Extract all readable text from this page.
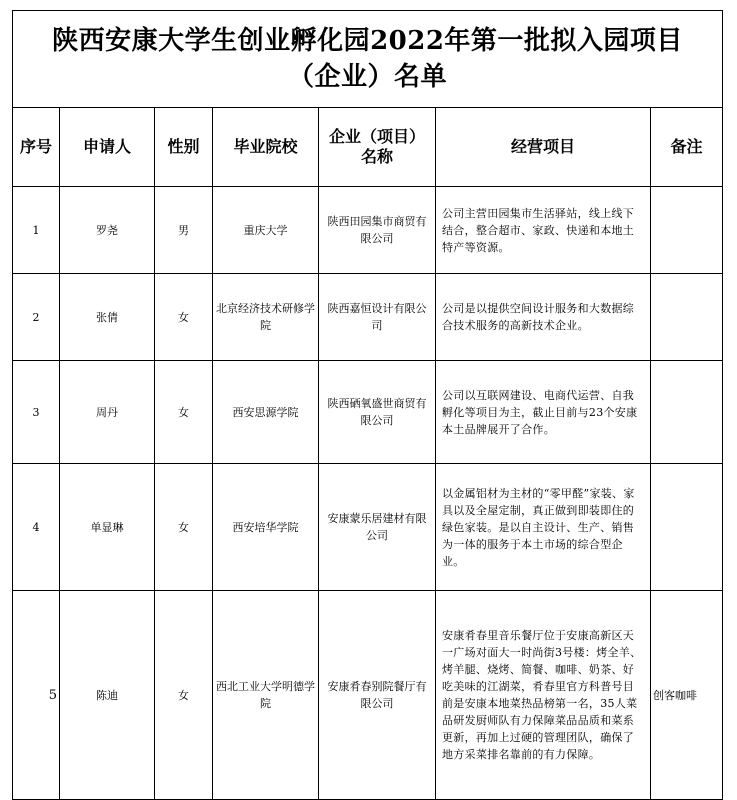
陕西安康大学生创业孵化园2022年第一批拟入园项目
（企业）名单						

序号	申请人	性别	毕业院校	企业（项目）名称	经营项目	备注
1	罗尧	男	重庆大学	陕西田园集市商贸有限公司	公司主营田园集市生活驿站，线上线下结合，整合超市、家政、快递和本地土特产等资源。	
2	张倩	女	北京经济技术研修学院	陕西嘉恒设计有限公司	公司是以提供空间设计服务和大数据综合技术服务的高新技术企业。	
3	周丹	女	西安思源学院	陕西硒氧盛世商贸有限公司	公司以互联网建设、电商代运营、自我孵化等项目为主，截止目前与23个安康本土品牌展开了合作。	
4	单显琳	女	西安培华学院	安康蒙乐居建材有限公司	以金属铝材为主材的“零甲醛”家装、家具以及全屋定制，真正做到即装即住的绿色家装。是以自主设计、生产、销售为一体的服务于本土市场的综合型企业。	
5	陈迪	女	西北工业大学明德学院	安康肴春别院餐厅有限公司	安康肴春里音乐餐厅位于安康高新区天一广场对面大一时尚街3号楼：烤全羊、烤羊腿、烧烤、简餐、咖啡、奶茶、好吃美味的江湖菜，肴春里官方科普号目前是安康本地菜热品榜第一名，35人菜品研发厨师队有力保障菜品品质和菜系更新，再加上过硬的管理团队，确保了地方采菜排名靠前的有力保障。	创客咖啡
